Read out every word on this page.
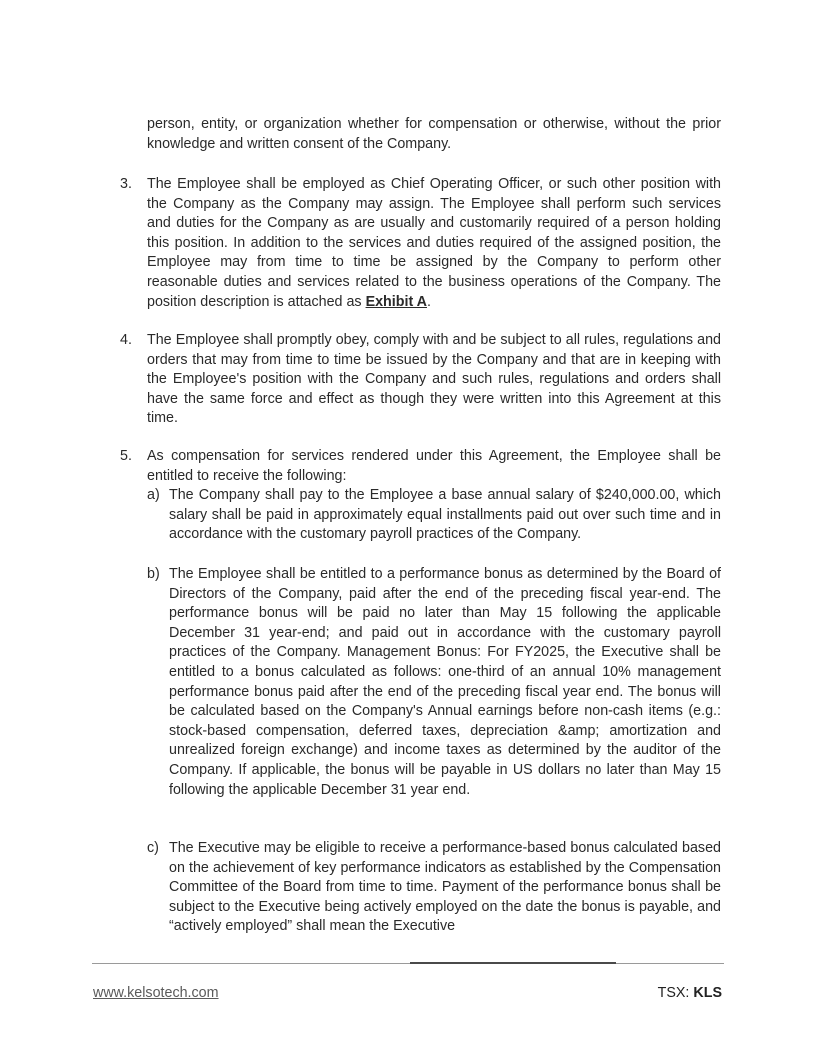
person, entity, or organization whether for compensation or otherwise, without the prior knowledge and written consent of the Company.

3. The Employee shall be employed as Chief Operating Officer, or such other position with the Company as the Company may assign. The Employee shall perform such services and duties for the Company as are usually and customarily required of a person holding this position. In addition to the services and duties required of the assigned position, the Employee may from time to time be assigned by the Company to perform other reasonable duties and services related to the business operations of the Company. The position description is attached as Exhibit A.

4. The Employee shall promptly obey, comply with and be subject to all rules, regulations and orders that may from time to time be issued by the Company and that are in keeping with the Employee's position with the Company and such rules, regulations and orders shall have the same force and effect as though they were written into this Agreement at this time.

5. As compensation for services rendered under this Agreement, the Employee shall be entitled to receive the following:

a) The Company shall pay to the Employee a base annual salary of $240,000.00, which salary shall be paid in approximately equal installments paid out over such time and in accordance with the customary payroll practices of the Company.

b) The Employee shall be entitled to a performance bonus as determined by the Board of Directors of the Company, paid after the end of the preceding fiscal year-end. The performance bonus will be paid no later than May 15 following the applicable December 31 year-end; and paid out in accordance with the customary payroll practices of the Company. Management Bonus: For FY2025, the Executive shall be entitled to a bonus calculated as follows: one-third of an annual 10% management performance bonus paid after the end of the preceding fiscal year end. The bonus will be calculated based on the Company's Annual earnings before non-cash items (e.g.: stock-based compensation, deferred taxes, depreciation &amp; amortization and unrealized foreign exchange) and income taxes as determined by the auditor of the Company. If applicable, the bonus will be payable in US dollars no later than May 15 following the applicable December 31 year end.

c) The Executive may be eligible to receive a performance-based bonus calculated based on the achievement of key performance indicators as established by the Compensation Committee of the Board from time to time. Payment of the performance bonus shall be subject to the Executive being actively employed on the date the bonus is payable, and “actively employed” shall mean the Executive

www.kelsotech.com	TSX: KLS
